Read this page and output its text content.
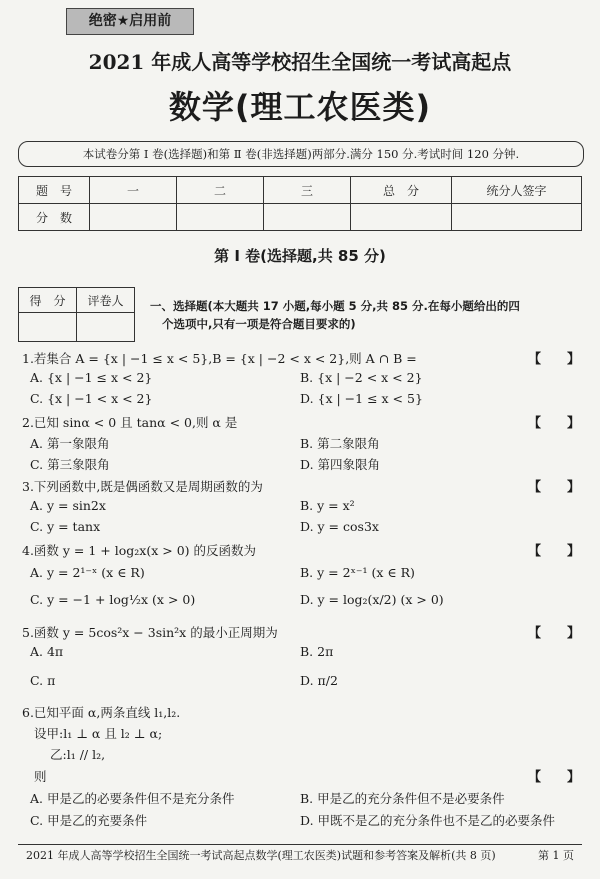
绝密★启用前
2021 年成人高等学校招生全国统一考试高起点
数学(理工农医类)
本试卷分第 Ⅰ 卷(选择题)和第 Ⅱ 卷(非选择题)两部分.满分 150 分.考试时间 120 分钟.
题　号	一	二	三	总　分	统分人签字
分　数					
第 Ⅰ 卷(选择题,共 85 分)
得　分	评卷人
	一、选择题(本大题共 17 小题,每小题 5 分,共 85 分.在每小题给出的四
个选项中,只有一项是符合题目要求的)
1.若集合 A = {x | −1 ≤ x < 5},B = {x | −2 < x < 2},则 A ∩ B =	【　　】
A. {x | −1 ≤ x < 2}	B. {x | −2 < x < 2}
C. {x | −1 < x < 2}	D. {x | −1 ≤ x < 5}
2.已知 sinα < 0 且 tanα < 0,则 α 是	【　　】
A. 第一象限角	B. 第二象限角
C. 第三象限角	D. 第四象限角
3.下列函数中,既是偶函数又是周期函数的为	【　　】
A. y = sin2x	B. y = x²
C. y = tanx	D. y = cos3x
4.函数 y = 1 + log₂x(x > 0) 的反函数为	【　　】
A. y = 2¹⁻ˣ (x ∈ R)	B. y = 2ˣ⁻¹ (x ∈ R)
C. y = −1 + log½x (x > 0)	D. y = log₂(x/2) (x > 0)
5.函数 y = 5cos²x − 3sin²x 的最小正周期为	【　　】
A. 4π	B. 2π
C. π	D. π/2
6.已知平面 α,两条直线 l₁,l₂.
设甲:l₁ ⊥ α 且 l₂ ⊥ α;
乙:l₁ // l₂,
则	【　　】
A. 甲是乙的必要条件但不是充分条件	B. 甲是乙的充分条件但不是必要条件
C. 甲是乙的充要条件	D. 甲既不是乙的充分条件也不是乙的必要条件
2021 年成人高等学校招生全国统一考试高起点数学(理工农医类)试题和参考答案及解析(共 8 页)	第 1 页
